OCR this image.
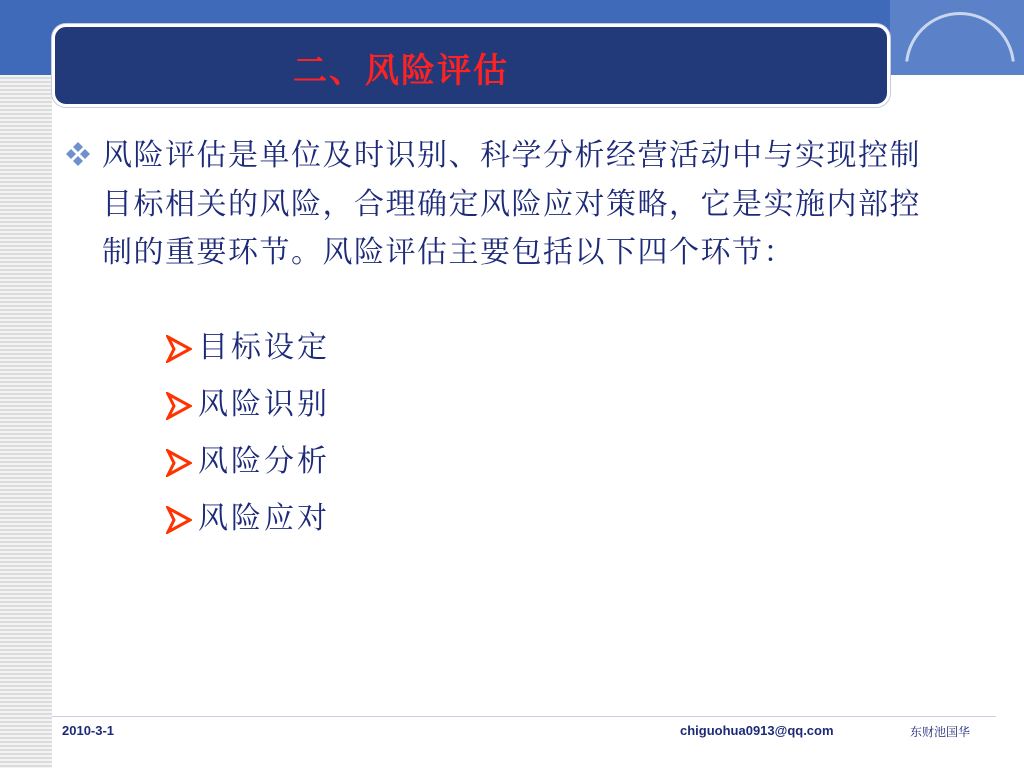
二、风险评估
风险评估是单位及时识别、科学分析经营活动中与实现控制目标相关的风险，合理确定风险应对策略，它是实施内部控制的重要环节。风险评估主要包括以下四个环节：
目标设定
风险识别
风险分析
风险应对
2010-3-1	chiguohua0913@qq.com	东财池国华
